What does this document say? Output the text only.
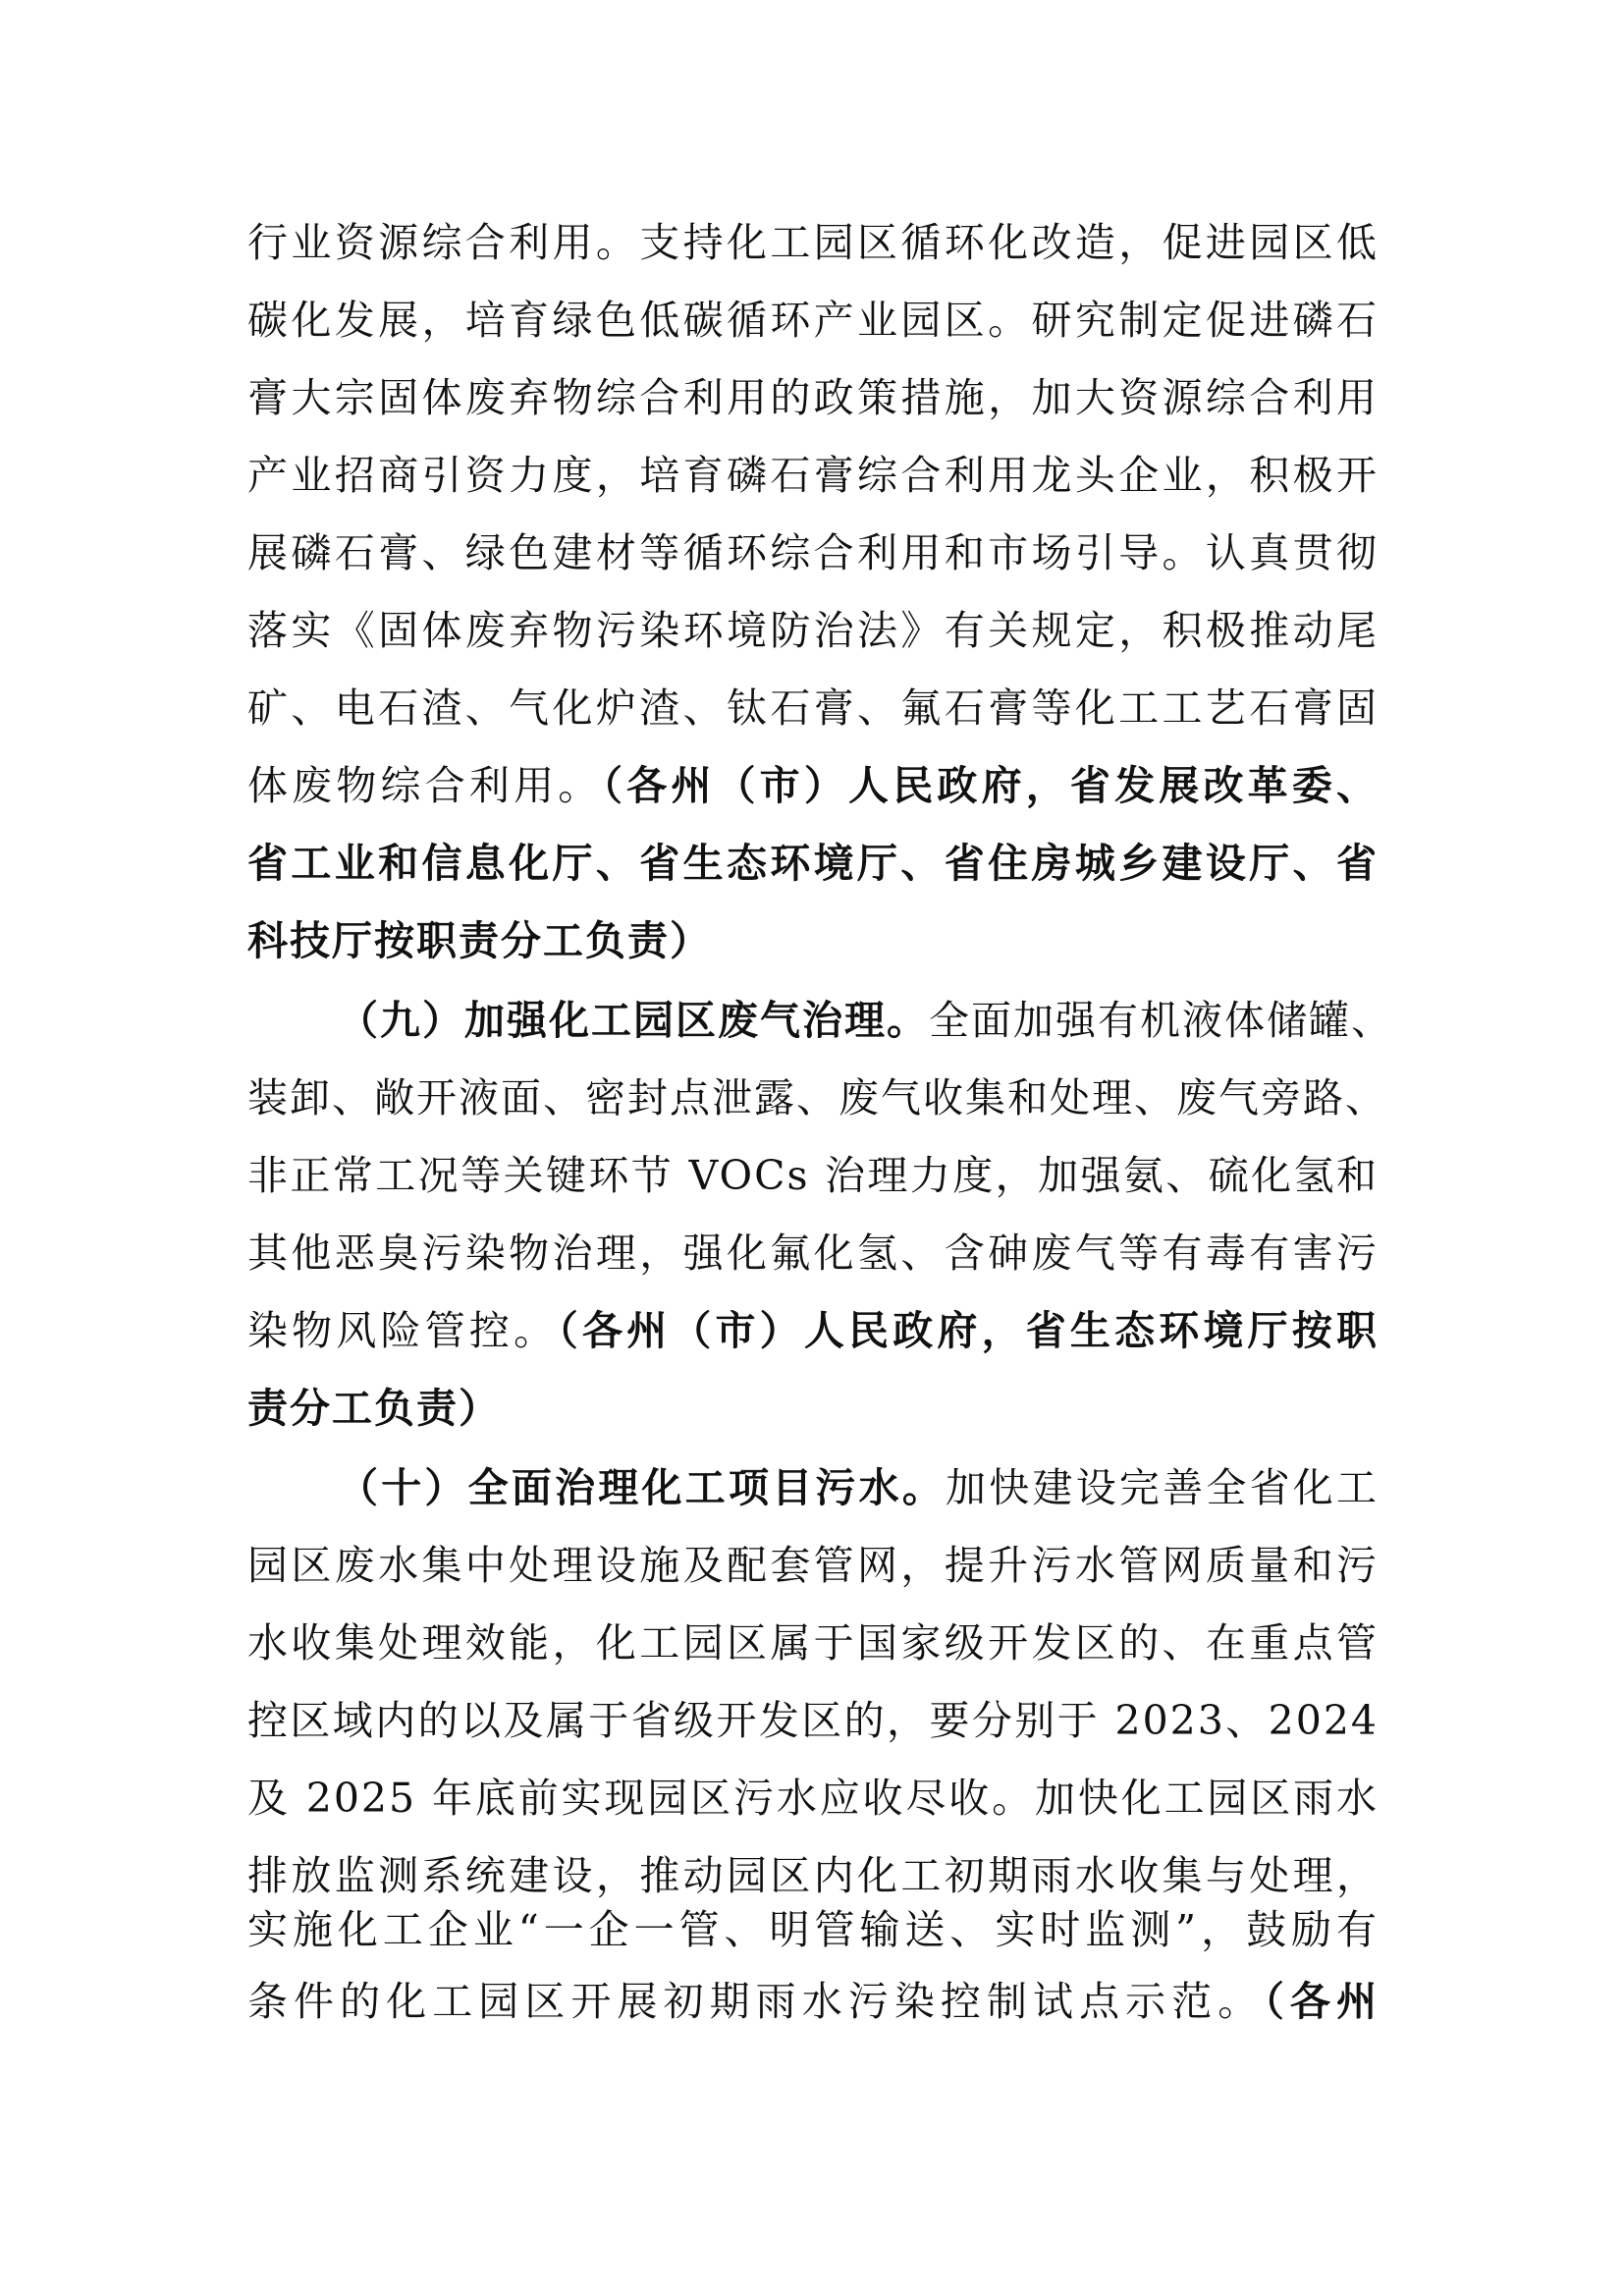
行业资源综合利用。支持化工园区循环化改造，促进园区低
碳化发展，培育绿色低碳循环产业园区。研究制定促进磷石
膏大宗固体废弃物综合利用的政策措施，加大资源综合利用
产业招商引资力度，培育磷石膏综合利用龙头企业，积极开
展磷石膏、绿色建材等循环综合利用和市场引导。认真贯彻
落实《固体废弃物污染环境防治法》有关规定，积极推动尾
矿、电石渣、气化炉渣、钛石膏、氟石膏等化工工艺石膏固
体废物综合利用。（各州（市）人民政府，省发展改革委、
省工业和信息化厅、省生态环境厅、省住房城乡建设厅、省
科技厅按职责分工负责）
（九）加强化工园区废气治理。全面加强有机液体储罐、
装卸、敞开液面、密封点泄露、废气收集和处理、废气旁路、
非正常工况等关键环节 VOCs 治理力度，加强氨、硫化氢和
其他恶臭污染物治理，强化氟化氢、含砷废气等有毒有害污
染物风险管控。（各州（市）人民政府，省生态环境厅按职
责分工负责）
（十）全面治理化工项目污水。加快建设完善全省化工
园区废水集中处理设施及配套管网，提升污水管网质量和污
水收集处理效能，化工园区属于国家级开发区的、在重点管
控区域内的以及属于省级开发区的，要分别于 2023、2024
及 2025 年底前实现园区污水应收尽收。加快化工园区雨水
排放监测系统建设，推动园区内化工初期雨水收集与处理，
实施化工企业“一企一管、明管输送、实时监测”，鼓励有
条件的化工园区开展初期雨水污染控制试点示范。（各州
